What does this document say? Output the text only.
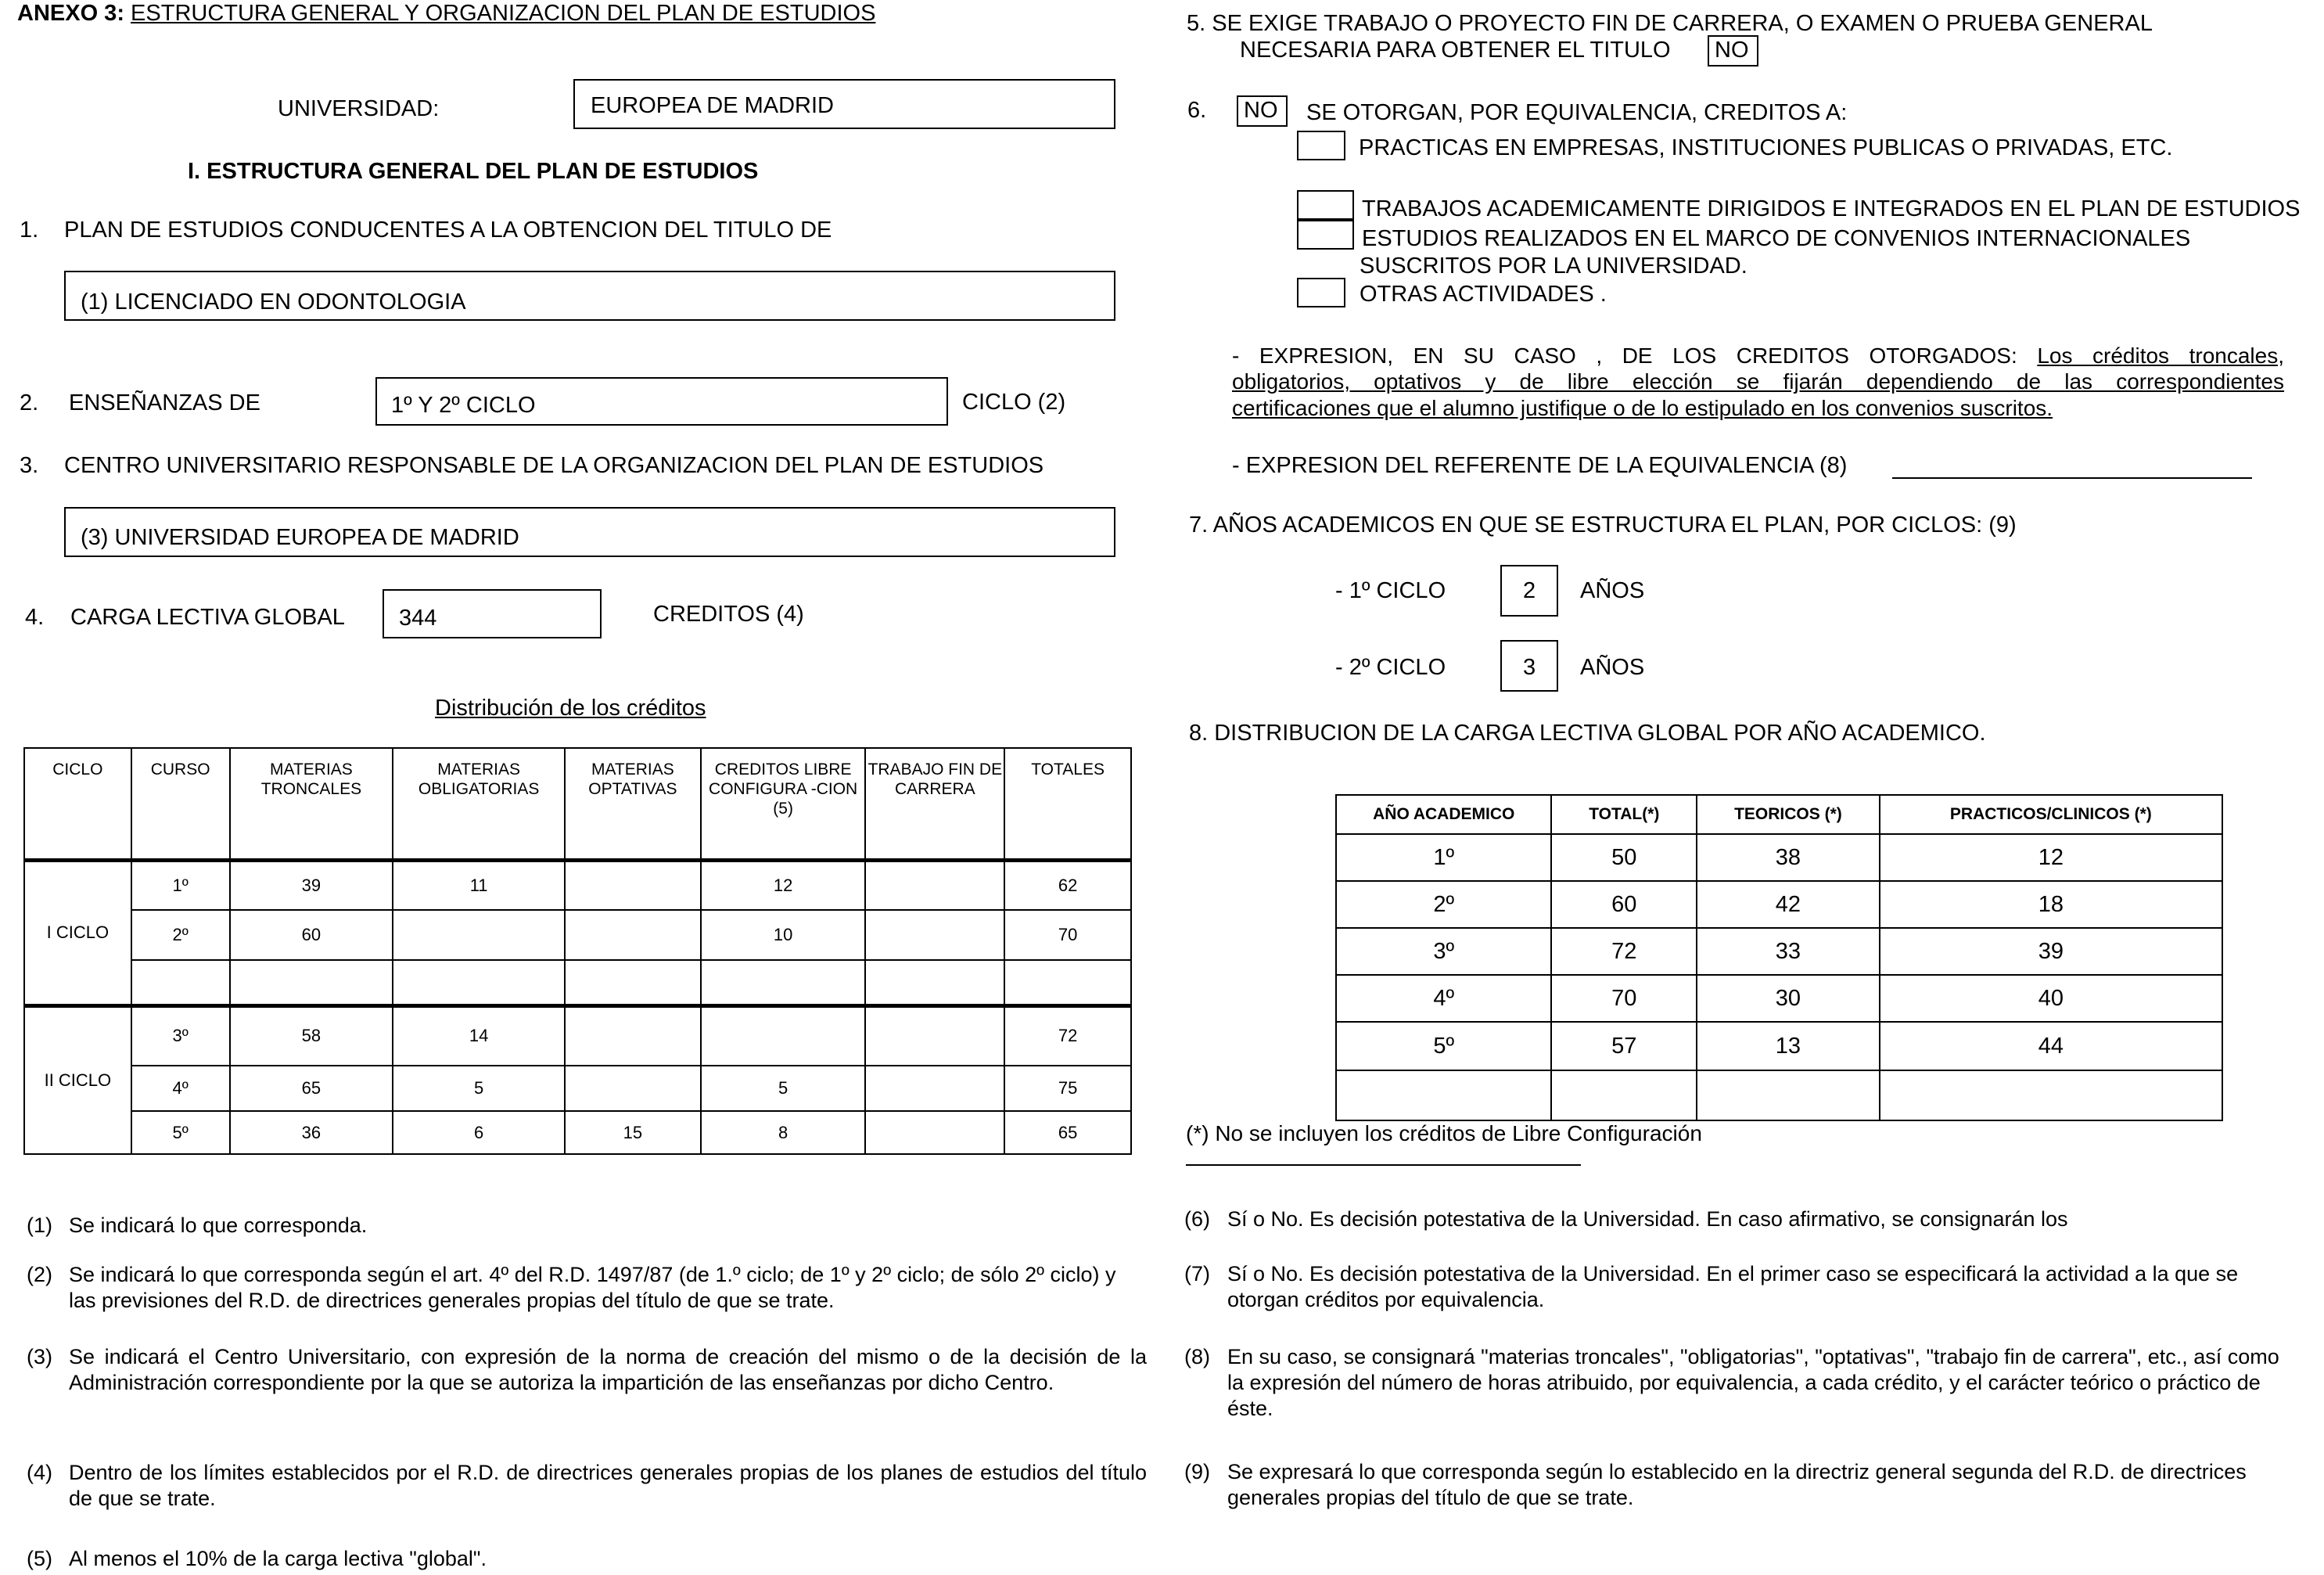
ANEXO 3: ESTRUCTURA GENERAL Y ORGANIZACION DEL PLAN DE ESTUDIOS
UNIVERSIDAD:	EUROPEA DE MADRID
I. ESTRUCTURA GENERAL DEL PLAN DE ESTUDIOS
1. PLAN DE ESTUDIOS CONDUCENTES A LA OBTENCION DEL TITULO DE
(1) LICENCIADO EN ODONTOLOGIA
2. ENSEÑANZAS DE	1º Y 2º CICLO	CICLO (2)
3. CENTRO UNIVERSITARIO RESPONSABLE DE LA ORGANIZACION DEL PLAN DE ESTUDIOS
(3) UNIVERSIDAD EUROPEA DE MADRID
4. CARGA LECTIVA GLOBAL 344	CREDITOS (4)
Distribución de los créditos
CICLO	CURSO	MATERIAS TRONCALES	MATERIAS OBLIGATORIAS	MATERIAS OPTATIVAS	CREDITOS LIBRE CONFIGURA -CION (5)	TRABAJO FIN DE CARRERA	TOTALES
I CICLO	1º	39	11		12		62
	2º	60			10		70

II CICLO	3º	58	14				72
	4º	65	5		5		75
	5º	36	6	15	8		65
(1) Se indicará lo que corresponda.
(2) Se indicará lo que corresponda según el art. 4º del R.D. 1497/87 (de 1.º ciclo; de 1º y 2º ciclo; de sólo 2º ciclo) y las previsiones del R.D. de directrices generales propias del título de que se trate.
(3) Se indicará el Centro Universitario, con expresión de la norma de creación del mismo o de la decisión de la Administración correspondiente por la que se autoriza la impartición de las enseñanzas por dicho Centro.
(4) Dentro de los límites establecidos por el R.D. de directrices generales propias de los planes de estudios del título de que se trate.
(5) Al menos el 10% de la carga lectiva "global".
5. SE EXIGE TRABAJO O PROYECTO FIN DE CARRERA, O EXAMEN O PRUEBA GENERAL
NECESARIA PARA OBTENER EL TITULO NO
6. NO SE OTORGAN, POR EQUIVALENCIA, CREDITOS A:
PRACTICAS EN EMPRESAS, INSTITUCIONES PUBLICAS O PRIVADAS, ETC.
TRABAJOS ACADEMICAMENTE DIRIGIDOS E INTEGRADOS EN EL PLAN DE ESTUDIOS
ESTUDIOS REALIZADOS EN EL MARCO DE CONVENIOS INTERNACIONALES
SUSCRITOS POR LA UNIVERSIDAD.
OTRAS ACTIVIDADES .
- EXPRESION, EN SU CASO , DE LOS CREDITOS OTORGADOS: Los créditos troncales,
obligatorios, optativos y de libre elección se fijarán dependiendo de las correspondientes
certificaciones que el alumno justifique o de lo estipulado en los convenios suscritos.
- EXPRESION DEL REFERENTE DE LA EQUIVALENCIA (8)
7. AÑOS ACADEMICOS EN QUE SE ESTRUCTURA EL PLAN, POR CICLOS: (9)
- 1º CICLO	2 AÑOS
- 2º CICLO	3 AÑOS
8. DISTRIBUCION DE LA CARGA LECTIVA GLOBAL POR AÑO ACADEMICO.
AÑO ACADEMICO	TOTAL(*)	TEORICOS (*)	PRACTICOS/CLINICOS (*)
1º	50	38	12
2º	60	42	18
3º	72	33	39
4º	70	30	40
5º	57	13	44

(*) No se incluyen los créditos de Libre Configuración
(6) Sí o No. Es decisión potestativa de la Universidad. En caso afirmativo, se consignarán los
(7) Sí o No. Es decisión potestativa de la Universidad. En el primer caso se especificará la actividad a la que se otorgan créditos por equivalencia.
(8) En su caso, se consignará "materias troncales", "obligatorias", "optativas", "trabajo fin de carrera", etc., así como la expresión del número de horas atribuido, por equivalencia, a cada crédito, y el carácter teórico o práctico de éste.
(9) Se expresará lo que corresponda según lo establecido en la directriz general segunda del R.D. de directrices generales propias del título de que se trate.
